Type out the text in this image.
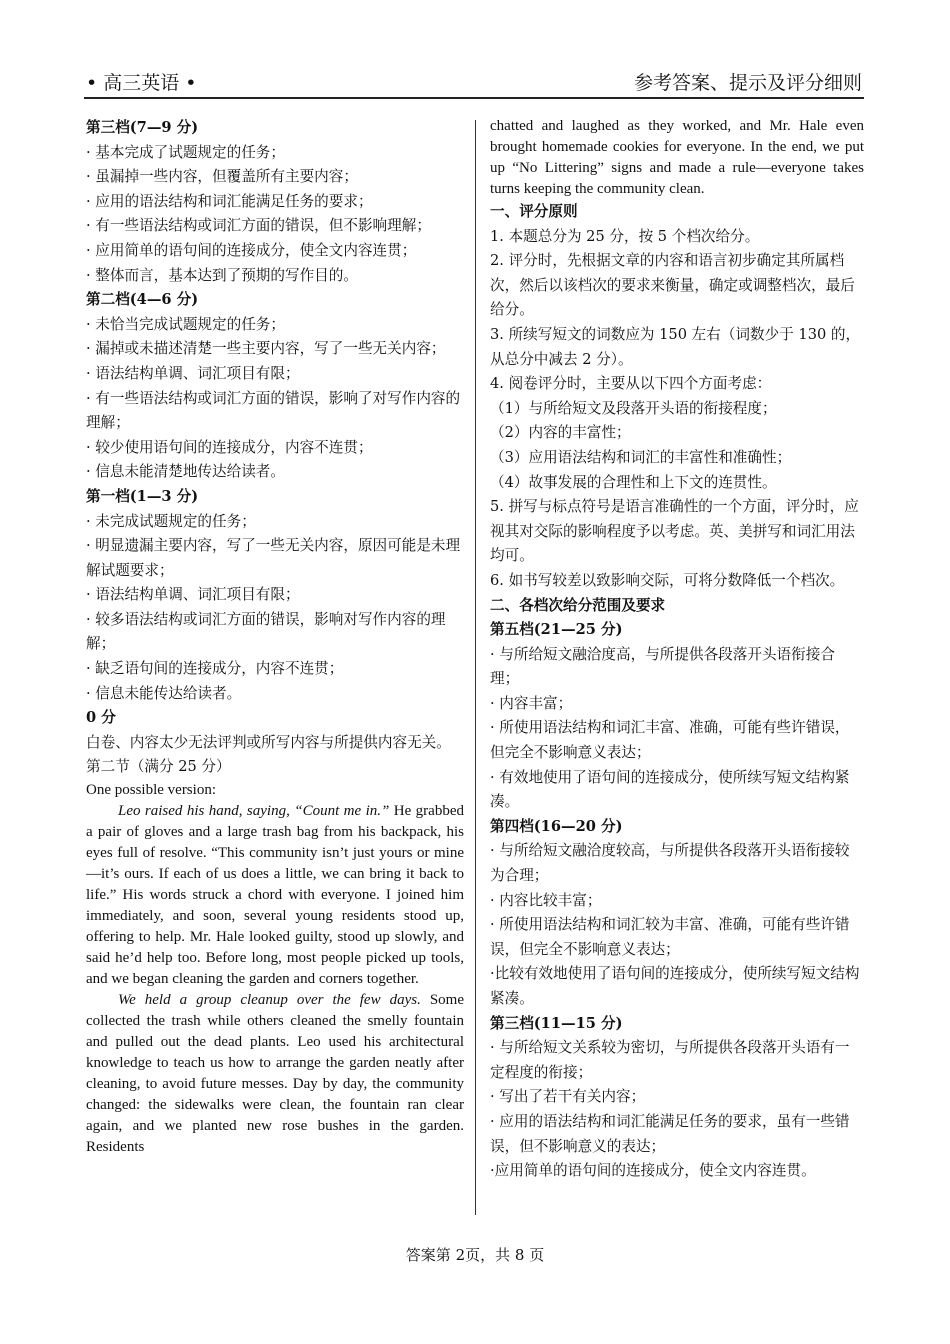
• 高三英语 •	参考答案、提示及评分细则

第三档(7—9 分)

· 基本完成了试题规定的任务；

· 虽漏掉一些内容，但覆盖所有主要内容；

· 应用的语法结构和词汇能满足任务的要求；

· 有一些语法结构或词汇方面的错误，但不影响理解；

· 应用简单的语句间的连接成分，使全文内容连贯；

· 整体而言，基本达到了预期的写作目的。

第二档(4—6 分)

· 未恰当完成试题规定的任务；

· 漏掉或未描述清楚一些主要内容，写了一些无关内容；

· 语法结构单调、词汇项目有限；

· 有一些语法结构或词汇方面的错误，影响了对写作内容的理解；

· 较少使用语句间的连接成分，内容不连贯；

· 信息未能清楚地传达给读者。

第一档(1—3 分)

· 未完成试题规定的任务；

· 明显遗漏主要内容，写了一些无关内容，原因可能是未理解试题要求；

· 语法结构单调、词汇项目有限；

· 较多语法结构或词汇方面的错误，影响对写作内容的理解；

· 缺乏语句间的连接成分，内容不连贯；

· 信息未能传达给读者。

0 分

白卷、内容太少无法评判或所写内容与所提供内容无关。

第二节（满分 25 分）

One possible version:

Leo raised his hand, saying, “Count me in.” He grabbed a pair of gloves and a large trash bag from his backpack, his eyes full of resolve. “This community isn’t just yours or mine—it’s ours. If each of us does a little, we can bring it back to life.” His words struck a chord with everyone. I joined him immediately, and soon, several young residents stood up, offering to help. Mr. Hale looked guilty, stood up slowly, and said he’d help too. Before long, most people picked up tools, and we began cleaning the garden and corners together.

We held a group cleanup over the few days. Some collected the trash while others cleaned the smelly fountain and pulled out the dead plants. Leo used his architectural knowledge to teach us how to arrange the garden neatly after cleaning, to avoid future messes. Day by day, the community changed: the sidewalks were clean, the fountain ran clear again, and we planted new rose bushes in the garden. Residents

chatted and laughed as they worked, and Mr. Hale even brought homemade cookies for everyone. In the end, we put up “No Littering” signs and made a rule—everyone takes turns keeping the community clean.

一、评分原则

1. 本题总分为 25 分，按 5 个档次给分。

2. 评分时，先根据文章的内容和语言初步确定其所属档次，然后以该档次的要求来衡量，确定或调整档次，最后给分。

3. 所续写短文的词数应为 150 左右（词数少于 130 的，从总分中减去 2 分）。

4. 阅卷评分时，主要从以下四个方面考虑：

（1）与所给短文及段落开头语的衔接程度；

（2）内容的丰富性；

（3）应用语法结构和词汇的丰富性和准确性；

（4）故事发展的合理性和上下文的连贯性。

5. 拼写与标点符号是语言准确性的一个方面，评分时，应视其对交际的影响程度予以考虑。英、美拼写和词汇用法均可。

6. 如书写较差以致影响交际，可将分数降低一个档次。

二、各档次给分范围及要求

第五档(21—25 分)

· 与所给短文融洽度高，与所提供各段落开头语衔接合理；

· 内容丰富；

· 所使用语法结构和词汇丰富、准确，可能有些许错误，但完全不影响意义表达；

· 有效地使用了语句间的连接成分，使所续写短文结构紧凑。

第四档(16—20 分)

· 与所给短文融洽度较高，与所提供各段落开头语衔接较为合理；

· 内容比较丰富；

· 所使用语法结构和词汇较为丰富、准确，可能有些许错误，但完全不影响意义表达；

·比较有效地使用了语句间的连接成分，使所续写短文结构紧凑。

第三档(11—15 分)

· 与所给短文关系较为密切，与所提供各段落开头语有一定程度的衔接；

· 写出了若干有关内容；

· 应用的语法结构和词汇能满足任务的要求，虽有一些错误，但不影响意义的表达；

·应用简单的语句间的连接成分，使全文内容连贯。

答案第 2页，共 8 页
